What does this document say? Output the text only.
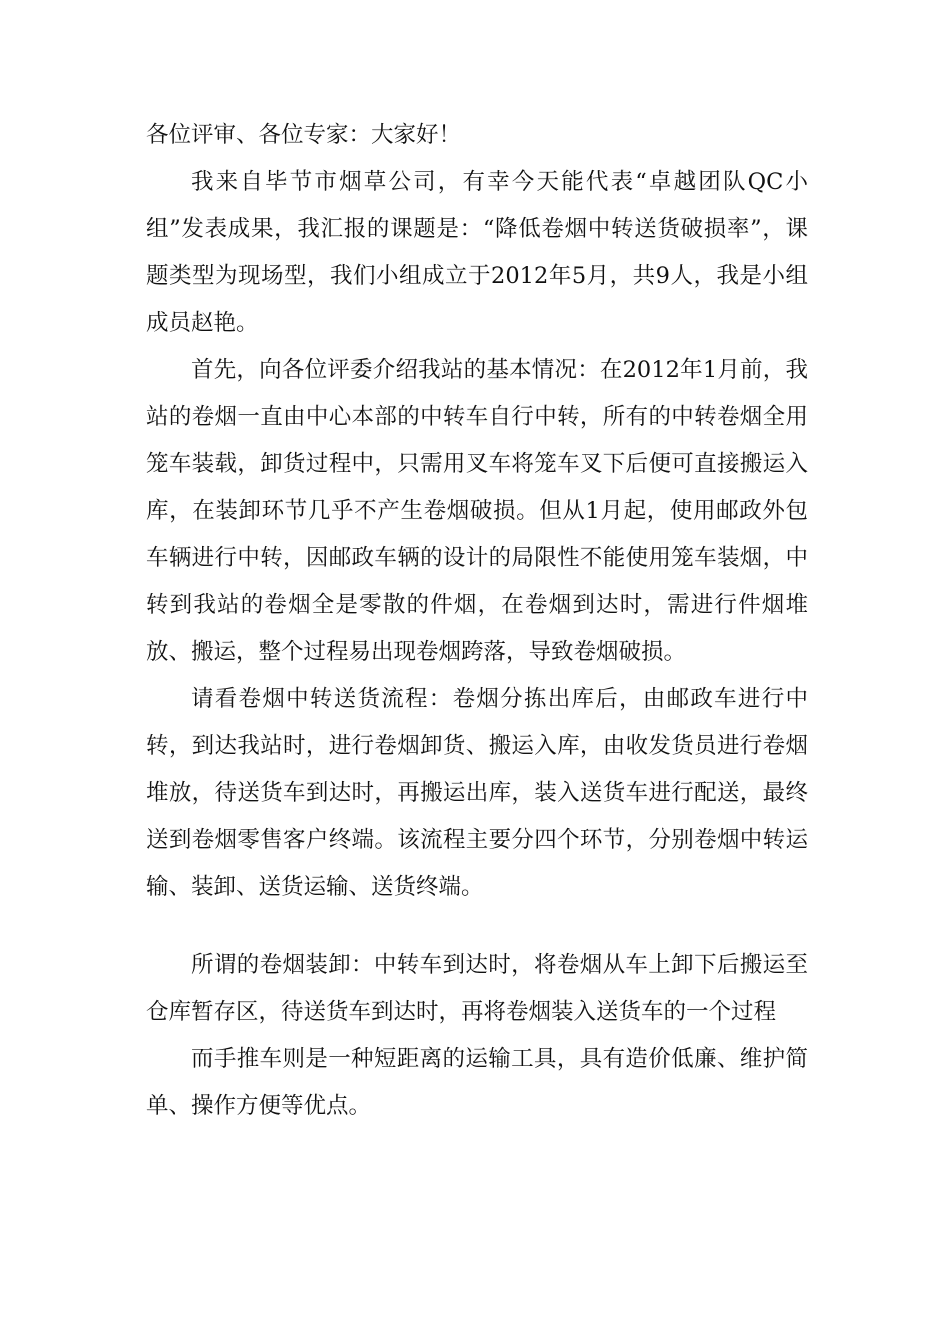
各位评审、各位专家：大家好！

我来自毕节市烟草公司，有幸今天能代表“卓越团队QC小组”发表成果，我汇报的课题是：“降低卷烟中转送货破损率”，课题类型为现场型，我们小组成立于2012年5月，共9人，我是小组成员赵艳。

首先，向各位评委介绍我站的基本情况：在2012年1月前，我站的卷烟一直由中心本部的中转车自行中转，所有的中转卷烟全用笼车装载，卸货过程中，只需用叉车将笼车叉下后便可直接搬运入库，在装卸环节几乎不产生卷烟破损。但从1月起，使用邮政外包车辆进行中转，因邮政车辆的设计的局限性不能使用笼车装烟，中转到我站的卷烟全是零散的件烟，在卷烟到达时，需进行件烟堆放、搬运，整个过程易出现卷烟跨落，导致卷烟破损。

请看卷烟中转送货流程：卷烟分拣出库后，由邮政车进行中转，到达我站时，进行卷烟卸货、搬运入库，由收发货员进行卷烟堆放，待送货车到达时，再搬运出库，装入送货车进行配送，最终送到卷烟零售客户终端。该流程主要分四个环节，分别卷烟中转运输、装卸、送货运输、送货终端。

所谓的卷烟装卸：中转车到达时，将卷烟从车上卸下后搬运至仓库暂存区，待送货车到达时，再将卷烟装入送货车的一个过程

而手推车则是一种短距离的运输工具，具有造价低廉、维护简单、操作方便等优点。
